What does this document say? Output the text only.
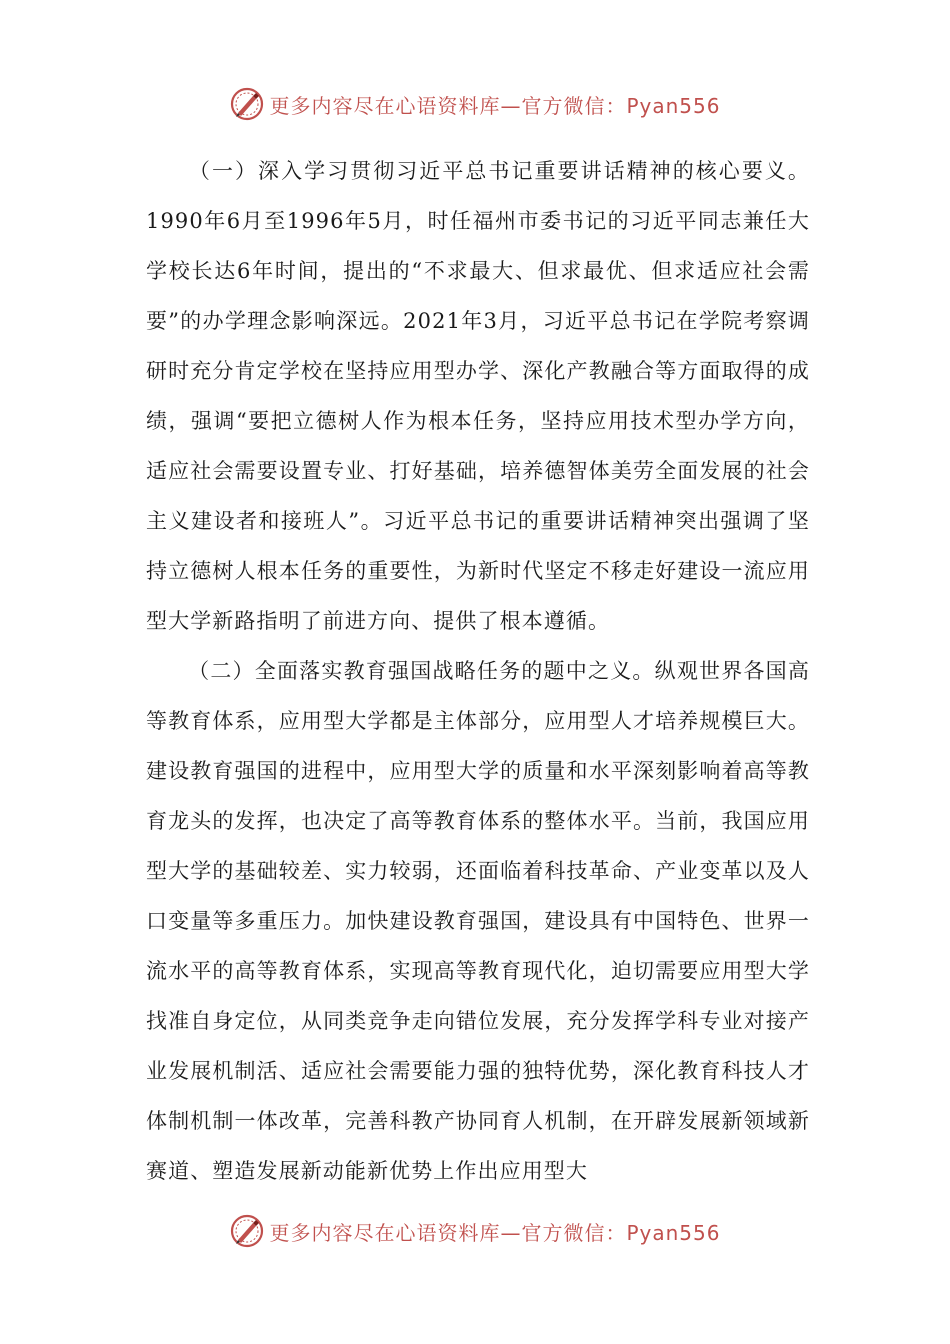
更多内容尽在心语资料库—官方微信：Pyan556

（一）深入学习贯彻习近平总书记重要讲话精神的核心要义。1990年6月至1996年5月，时任福州市委书记的习近平同志兼任大学校长达6年时间，提出的“不求最大、但求最优、但求适应社会需要”的办学理念影响深远。2021年3月，习近平总书记在学院考察调研时充分肯定学校在坚持应用型办学、深化产教融合等方面取得的成绩，强调“要把立德树人作为根本任务，坚持应用技术型办学方向，适应社会需要设置专业、打好基础，培养德智体美劳全面发展的社会主义建设者和接班人”。习近平总书记的重要讲话精神突出强调了坚持立德树人根本任务的重要性，为新时代坚定不移走好建设一流应用型大学新路指明了前进方向、提供了根本遵循。

（二）全面落实教育强国战略任务的题中之义。纵观世界各国高等教育体系，应用型大学都是主体部分，应用型人才培养规模巨大。建设教育强国的进程中，应用型大学的质量和水平深刻影响着高等教育龙头的发挥，也决定了高等教育体系的整体水平。当前，我国应用型大学的基础较差、实力较弱，还面临着科技革命、产业变革以及人口变量等多重压力。加快建设教育强国，建设具有中国特色、世界一流水平的高等教育体系，实现高等教育现代化，迫切需要应用型大学找准自身定位，从同类竞争走向错位发展，充分发挥学科专业对接产业发展机制活、适应社会需要能力强的独特优势，深化教育科技人才体制机制一体改革，完善科教产协同育人机制，在开辟发展新领域新赛道、塑造发展新动能新优势上作出应用型大

更多内容尽在心语资料库—官方微信：Pyan556
